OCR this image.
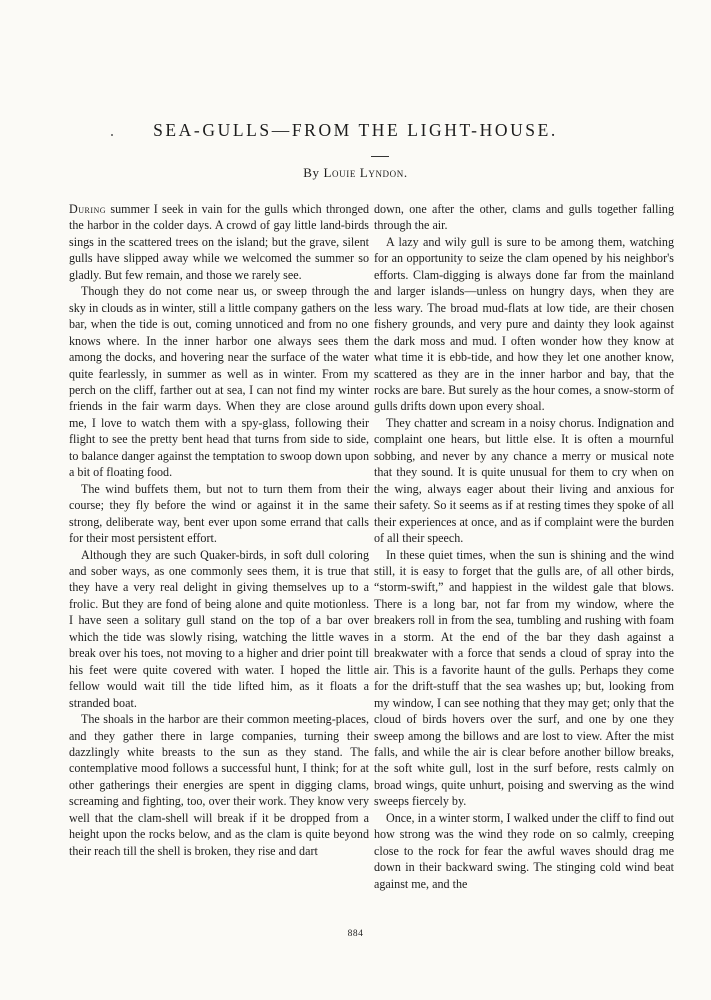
SEA-GULLS—FROM THE LIGHT-HOUSE.
By Louie Lyndon.

During summer I seek in vain for the gulls which thronged the harbor in the colder days. A crowd of gay little land-birds sings in the scattered trees on the island; but the grave, silent gulls have slipped away while we welcomed the summer so gladly. But few remain, and those we rarely see.

Though they do not come near us, or sweep through the sky in clouds as in winter, still a little company gathers on the bar, when the tide is out, coming unnoticed and from no one knows where. In the inner harbor one always sees them among the docks, and hovering near the surface of the water quite fearlessly, in summer as well as in winter. From my perch on the cliff, farther out at sea, I can not find my winter friends in the fair warm days. When they are close around me, I love to watch them with a spy-glass, following their flight to see the pretty bent head that turns from side to side, to balance danger against the temptation to swoop down upon a bit of floating food.

The wind buffets them, but not to turn them from their course; they fly before the wind or against it in the same strong, deliberate way, bent ever upon some errand that calls for their most persistent effort.

Although they are such Quaker-birds, in soft dull coloring and sober ways, as one commonly sees them, it is true that they have a very real delight in giving themselves up to a frolic. But they are fond of being alone and quite motionless. I have seen a solitary gull stand on the top of a bar over which the tide was slowly rising, watching the little waves break over his toes, not moving to a higher and drier point till his feet were quite covered with water. I hoped the little fellow would wait till the tide lifted him, as it floats a stranded boat.

The shoals in the harbor are their common meeting-places, and they gather there in large companies, turning their dazzlingly white breasts to the sun as they stand. The contemplative mood follows a successful hunt, I think; for at other gatherings their energies are spent in digging clams, screaming and fighting, too, over their work. They know very well that the clam-shell will break if it be dropped from a height upon the rocks below, and as the clam is quite beyond their reach till the shell is broken, they rise and dart

down, one after the other, clams and gulls together falling through the air.

A lazy and wily gull is sure to be among them, watching for an opportunity to seize the clam opened by his neighbor's efforts. Clam-digging is always done far from the mainland and larger islands—unless on hungry days, when they are less wary. The broad mud-flats at low tide, are their chosen fishery grounds, and very pure and dainty they look against the dark moss and mud. I often wonder how they know at what time it is ebb-tide, and how they let one another know, scattered as they are in the inner harbor and bay, that the rocks are bare. But surely as the hour comes, a snow-storm of gulls drifts down upon every shoal.

They chatter and scream in a noisy chorus. Indignation and complaint one hears, but little else. It is often a mournful sobbing, and never by any chance a merry or musical note that they sound. It is quite unusual for them to cry when on the wing, always eager about their living and anxious for their safety. So it seems as if at resting times they spoke of all their experiences at once, and as if complaint were the burden of all their speech.

In these quiet times, when the sun is shining and the wind still, it is easy to forget that the gulls are, of all other birds, “storm-swift,” and happiest in the wildest gale that blows. There is a long bar, not far from my window, where the breakers roll in from the sea, tumbling and rushing with foam in a storm. At the end of the bar they dash against a breakwater with a force that sends a cloud of spray into the air. This is a favorite haunt of the gulls. Perhaps they come for the drift-stuff that the sea washes up; but, looking from my window, I can see nothing that they may get; only that the cloud of birds hovers over the surf, and one by one they sweep among the billows and are lost to view. After the mist falls, and while the air is clear before another billow breaks, the soft white gull, lost in the surf before, rests calmly on broad wings, quite unhurt, poising and swerving as the wind sweeps fiercely by.

Once, in a winter storm, I walked under the cliff to find out how strong was the wind they rode on so calmly, creeping close to the rock for fear the awful waves should drag me down in their backward swing. The stinging cold wind beat against me, and the

884
